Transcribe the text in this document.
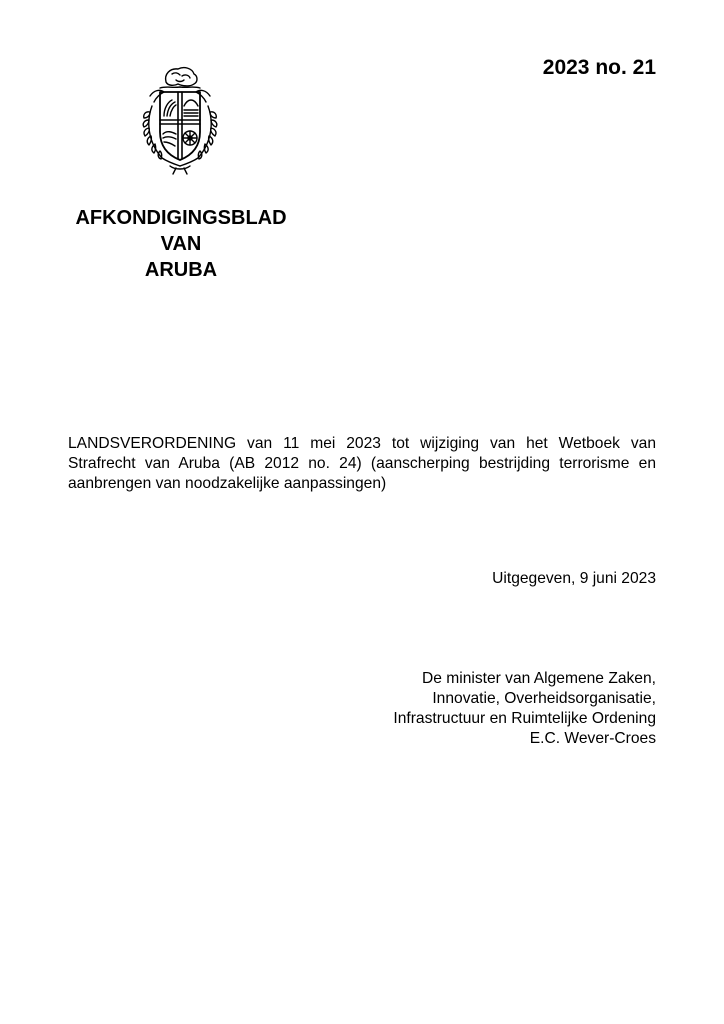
2023 no. 21

AFKONDIGINGSBLAD
VAN
ARUBA

LANDSVERORDENING van 11 mei 2023 tot wijziging van het Wetboek van Strafrecht van Aruba (AB 2012 no. 24) (aanscherping bestrijding terrorisme en aanbrengen van noodzakelijke aanpassingen)

Uitgegeven, 9 juni 2023

De minister van Algemene Zaken,
Innovatie, Overheidsorganisatie,
Infrastructuur en Ruimtelijke Ordening
E.C. Wever-Croes
